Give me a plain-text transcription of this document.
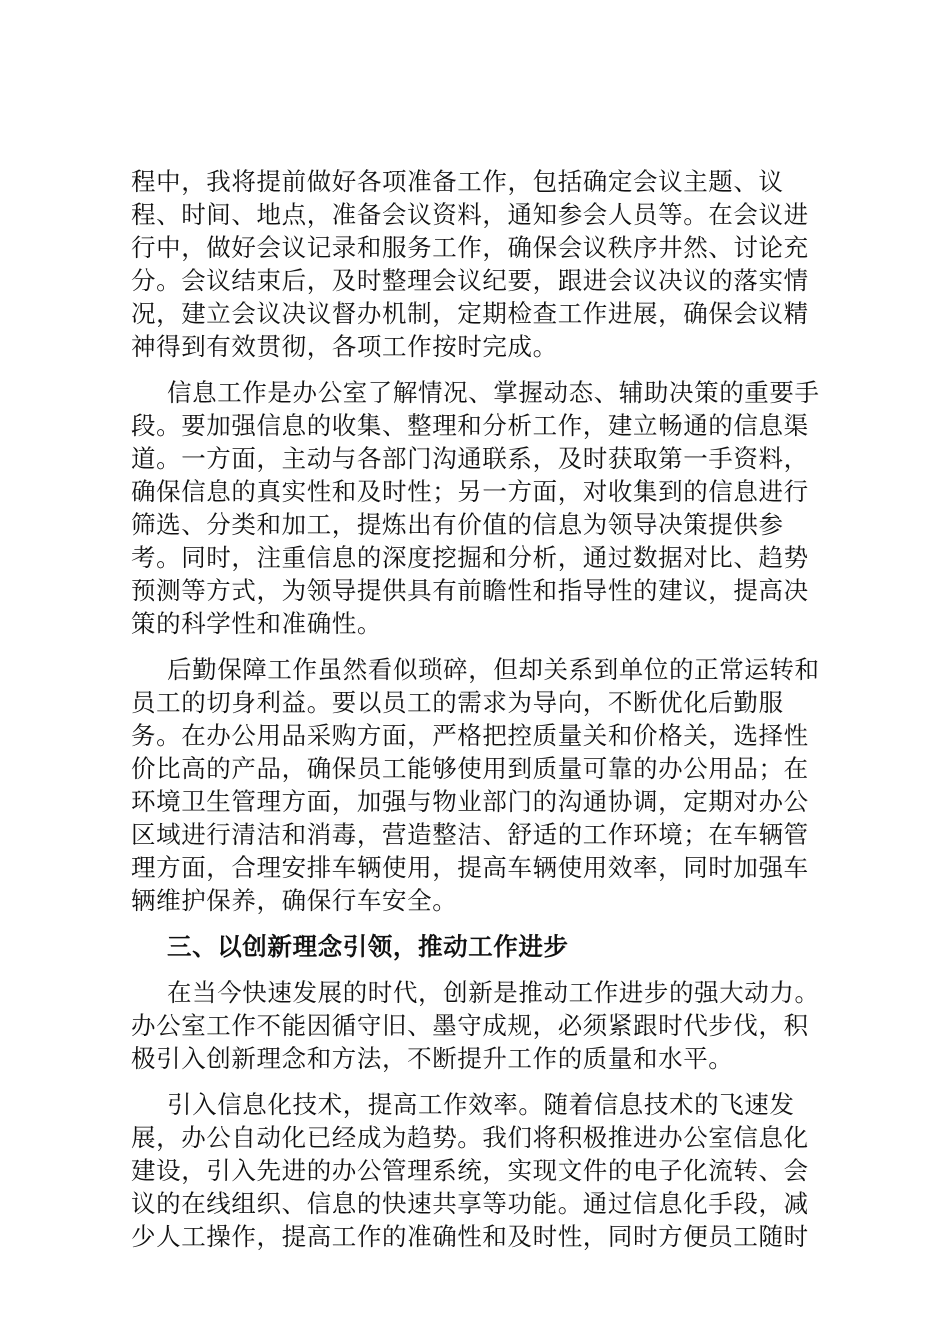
程中，我将提前做好各项准备工作，包括确定会议主题、议

程、时间、地点，准备会议资料，通知参会人员等。在会议进

行中，做好会议记录和服务工作，确保会议秩序井然、讨论充

分。会议结束后，及时整理会议纪要，跟进会议决议的落实情

况，建立会议决议督办机制，定期检查工作进展，确保会议精

神得到有效贯彻，各项工作按时完成。

信息工作是办公室了解情况、掌握动态、辅助决策的重要手

段。要加强信息的收集、整理和分析工作，建立畅通的信息渠

道。一方面，主动与各部门沟通联系，及时获取第一手资料，

确保信息的真实性和及时性；另一方面，对收集到的信息进行

筛选、分类和加工，提炼出有价值的信息为领导决策提供参

考。同时，注重信息的深度挖掘和分析，通过数据对比、趋势

预测等方式，为领导提供具有前瞻性和指导性的建议，提高决

策的科学性和准确性。

后勤保障工作虽然看似琐碎，但却关系到单位的正常运转和

员工的切身利益。要以员工的需求为导向，不断优化后勤服

务。在办公用品采购方面，严格把控质量关和价格关，选择性

价比高的产品，确保员工能够使用到质量可靠的办公用品；在

环境卫生管理方面，加强与物业部门的沟通协调，定期对办公

区域进行清洁和消毒，营造整洁、舒适的工作环境；在车辆管

理方面，合理安排车辆使用，提高车辆使用效率，同时加强车

辆维护保养，确保行车安全。

三、以创新理念引领，推动工作进步

在当今快速发展的时代，创新是推动工作进步的强大动力。

办公室工作不能因循守旧、墨守成规，必须紧跟时代步伐，积

极引入创新理念和方法，不断提升工作的质量和水平。

引入信息化技术，提高工作效率。随着信息技术的飞速发

展，办公自动化已经成为趋势。我们将积极推进办公室信息化

建设，引入先进的办公管理系统，实现文件的电子化流转、会

议的在线组织、信息的快速共享等功能。通过信息化手段，减

少人工操作，提高工作的准确性和及时性，同时方便员工随时
